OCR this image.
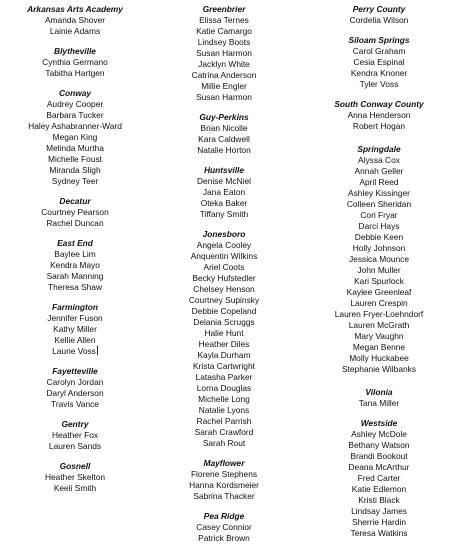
Arkansas Arts Academy
Amanda Shover
Lainie Adams
Blytheville
Cynthia Germano
Tabitha Hartgen
Conway
Audrey Cooper
Barbara Tucker
Haley Ashabranner-Ward
Megan King
Melinda Murtha
Michelle Foust
Miranda Sligh
Sydney Teer
Decatur
Courtney Pearson
Rachel Duncan
East End
Baylee Lim
Kendra Mayo
Sarah Manning
Theresa Shaw
Farmington
Jennifer Fuson
Kathy Miller
Kellie Allen
Laurie Voss
Fayetteville
Carolyn Jordan
Daryl Anderson
Travis Vance
Gentry
Heather Fox
Lauren Sands
Gosnell
Heather Skelton
Keeli Smith
Greenbrier
Elissa Ternes
Katie Camargo
Lindsey Boots
Susan Harmon
Jacklyn White
Catrina Anderson
Millie Engler
Susan Harmon
Guy-Perkins
Brian Nicolle
Kara Caldwell
Natalie Horton
Huntsville
Denise McNiel
Jana Eaton
Oteka Baker
Tiffany Smith
Jonesboro
Angela Cooley
Anquentin Wilkins
Ariel Coots
Becky Hufstedler
Chelsey Henson
Courtney Supinsky
Debbie Copeland
Delania Scruggs
Halie Hunt
Heather Diles
Kayla Durham
Krista Cartwright
Latasha Parker
Lorna Douglas
Michelle Long
Natalie Lyons
Rachel Parrish
Sarah Crawford
Sarah Rout
Mayflower
Florene Stephens
Hanna Kordsmeier
Sabrina Thacker
Pea Ridge
Casey Connior
Patrick Brown
Perry County
Cordelia Wilson
Siloam Springs
Carol Graham
Cesia Espinal
Kendra Knoner
Tyler Voss
South Conway County
Anna Henderson
Robert Hogan
Springdale
Alyssa Cox
Annah Geller
April Reed
Ashley Kissinger
Colleen Sheridan
Cori Fryar
Darci Hays
Debbie Keen
Holly Johnson
Jessica Mounce
John Muller
Kari Spurlock
Kaylee Greenleaf
Lauren Crespin
Lauren Fryer-Loehndorf
Lauren McGrath
Mary Vaughn
Megan Benne
Molly Huckabee
Stephanie Wilbanks
Vilonia
Tana Miller
Westside
Ashley McDole
Bethany Watson
Brandi Bookout
Deana McArthur
Fred Carter
Katie Edlemon
Kristi Black
Lindsay James
Sherrie Hardin
Teresa Watkins
